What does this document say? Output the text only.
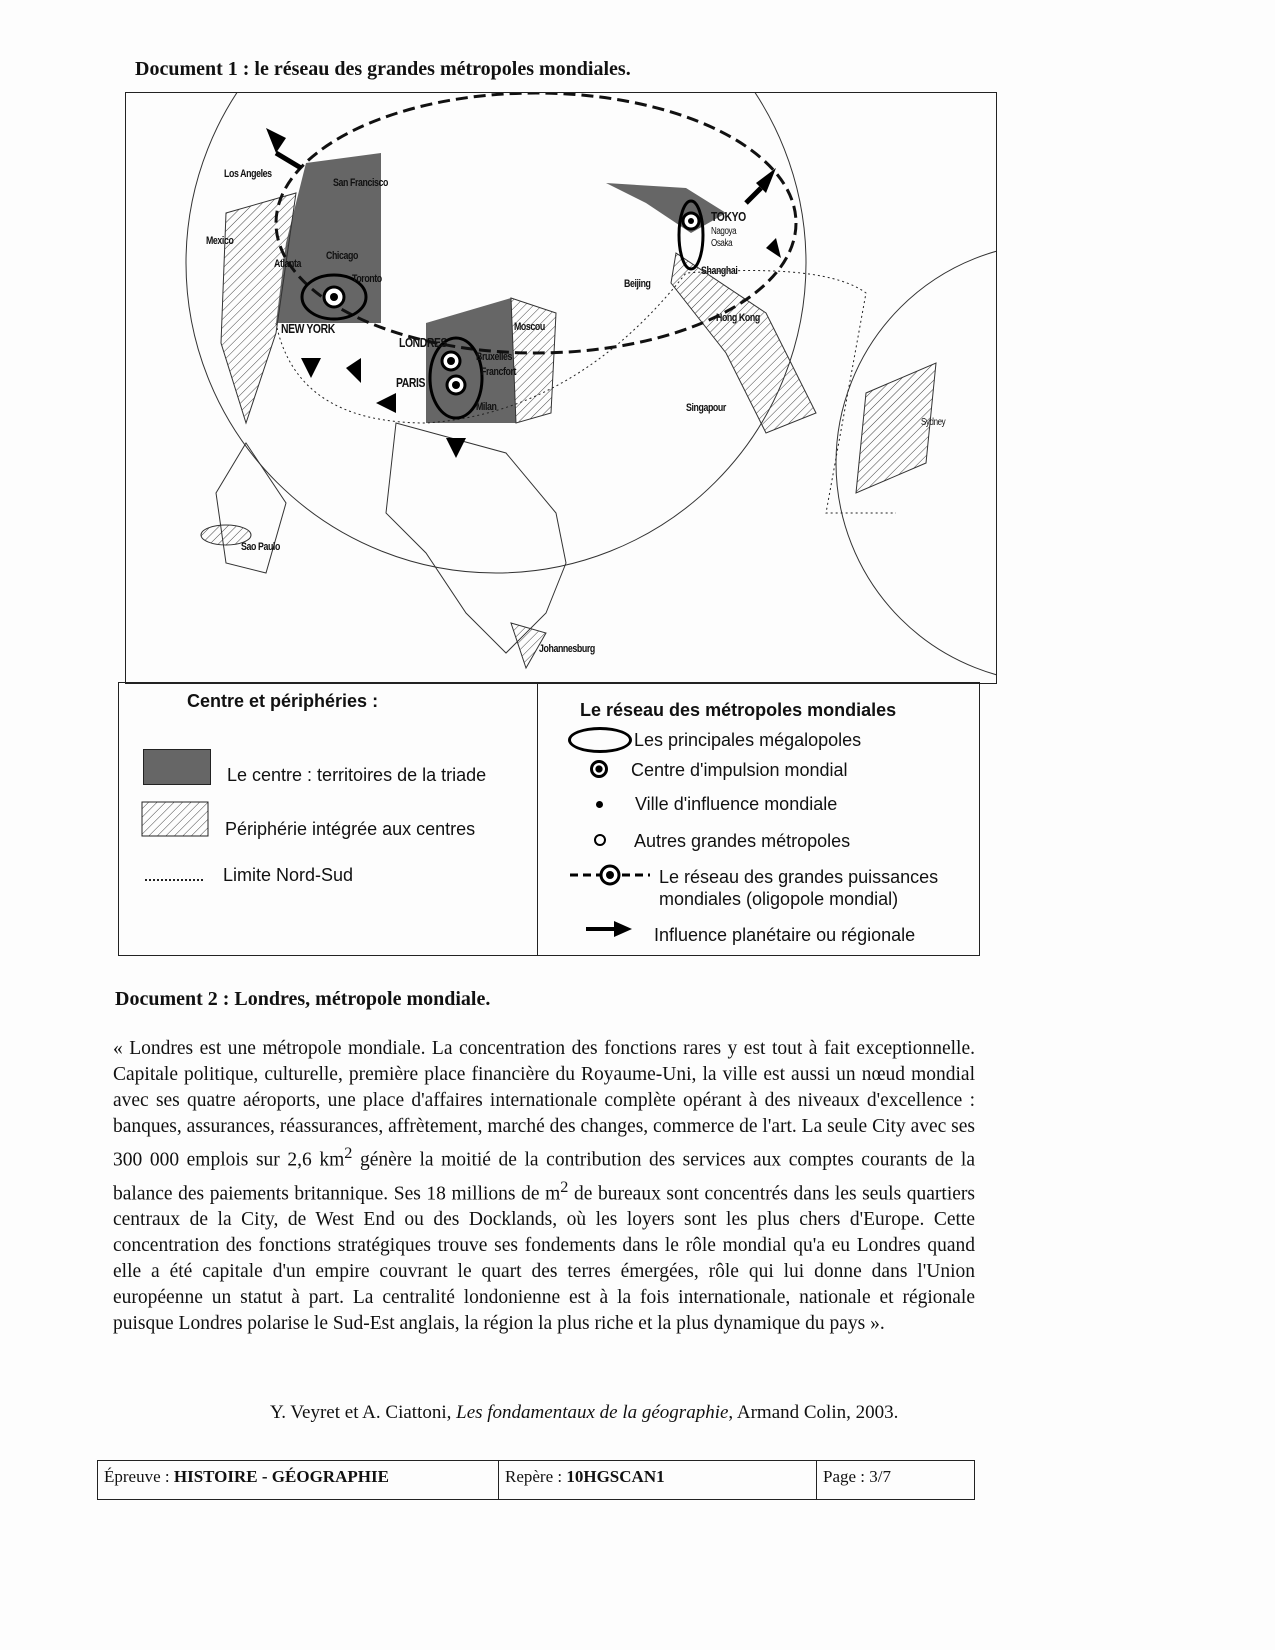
Document 1 : le réseau des grandes métropoles mondiales.
Los Angeles
San Francisco
Mexico
Chicago
Atlanta
Toronto
NEW YORK
LONDRES
Bruxelles
Francfort
PARIS
Milan
Moscou
TOKYO
Nagoya
Osaka
Shanghai
Beijing
Hong Kong
Singapour
Sydney
Sao Paulo
Johannesburg
Centre et périphéries :
Le centre : territoires de la triade
Périphérie intégrée aux centres
Limite Nord-Sud
Le réseau des métropoles mondiales
Les principales mégalopoles
Centre d'impulsion mondial
Ville d'influence mondiale
Autres grandes métropoles
Le réseau des grandes puissances
mondiales (oligopole mondial)
Influence planétaire ou régionale
Document 2 : Londres, métropole mondiale.
« Londres est une métropole mondiale. La concentration des fonctions rares y est tout à fait exceptionnelle. Capitale politique, culturelle, première place financière du Royaume-Uni, la ville est aussi un nœud mondial avec ses quatre aéroports, une place d'affaires internationale complète opérant à des niveaux d'excellence : banques, assurances, réassurances, affrètement, marché des changes, commerce de l'art. La seule City avec ses 300 000 emplois sur 2,6 $km^2$ génère la moitié de la contribution des services aux comptes courants de la balance des paiements britannique. Ses 18 millions de $m^2$ de bureaux sont concentrés dans les seuls quartiers centraux de la City, de West End ou des Docklands, où les loyers sont les plus chers d'Europe. Cette concentration des fonctions stratégiques trouve ses fondements dans le rôle mondial qu'a eu Londres quand elle a été capitale d'un empire couvrant le quart des terres émergées, rôle qui lui donne dans l'Union européenne un statut à part. La centralité londonienne est à la fois internationale, nationale et régionale puisque Londres polarise le Sud-Est anglais, la région la plus riche et la plus dynamique du pays ».
Y. Veyret et A. Ciattoni, Les fondamentaux de la géographie, Armand Colin, 2003.
Épreuve : HISTOIRE - GÉOGRAPHIE	Repère : 10HGSCAN1	Page : 3/7
